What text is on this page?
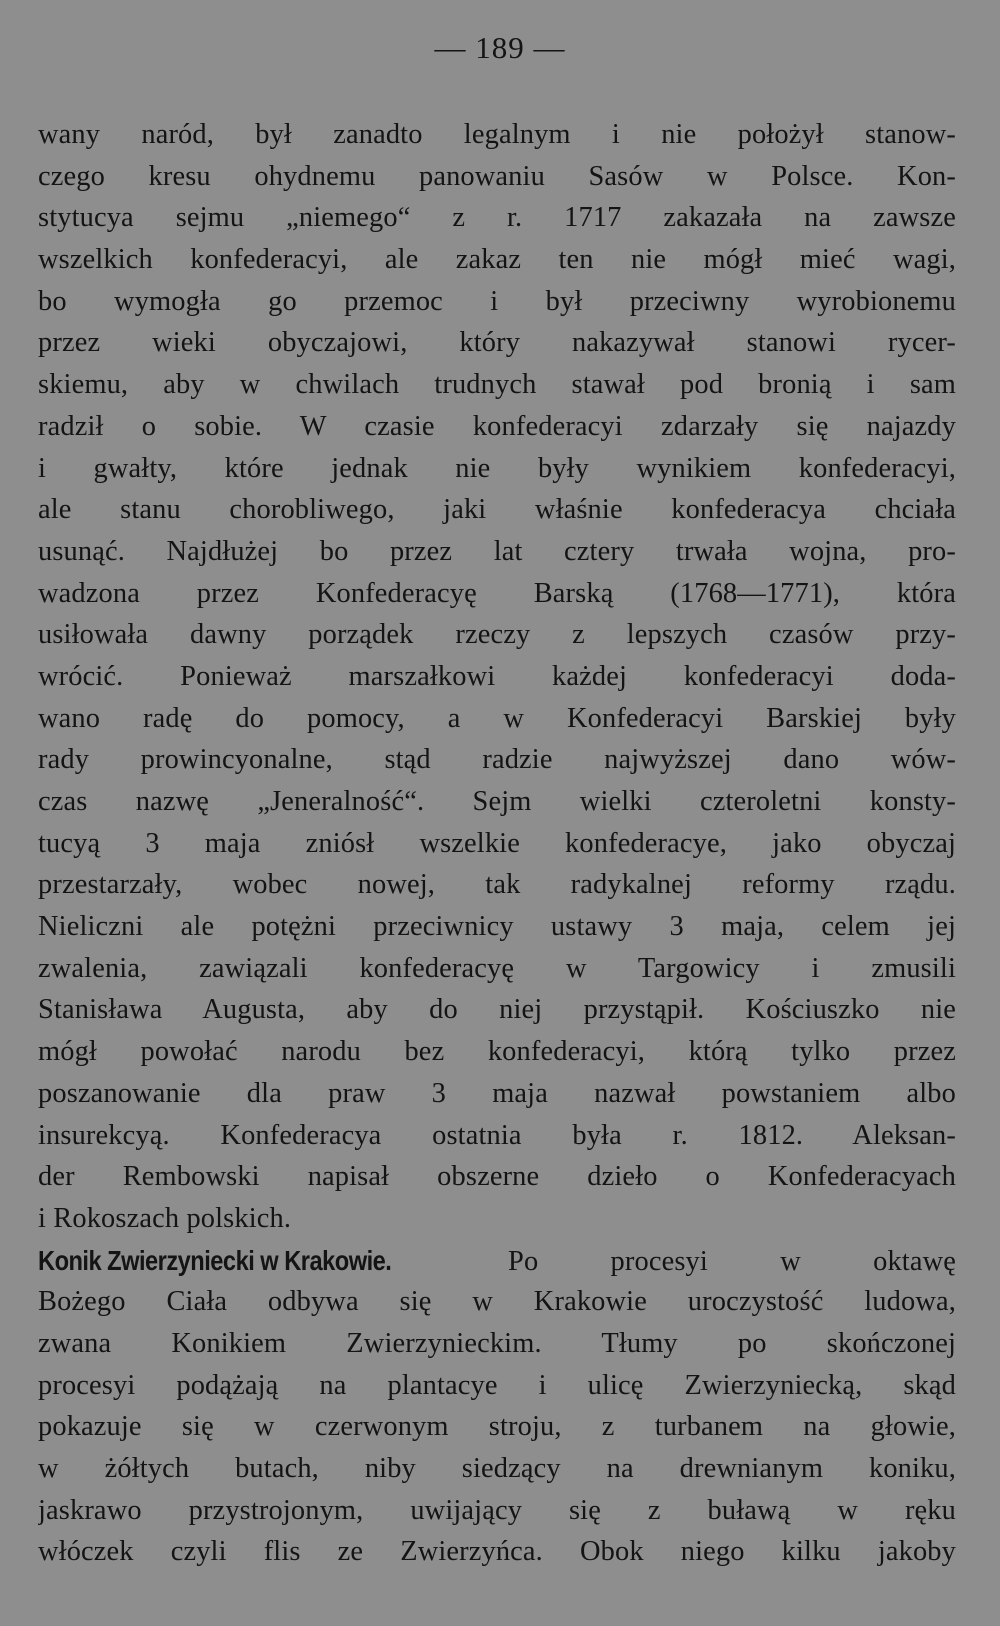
— 189 —
wany naród, był zanadto legalnym i nie położył stanow-
czego kresu ohydnemu panowaniu Sasów w Polsce. Kon-
stytucya sejmu „niemego“ z r. 1717 zakazała na zawsze
wszelkich konfederacyi, ale zakaz ten nie mógł mieć wagi,
bo wymogła go przemoc i był przeciwny wyrobionemu
przez wieki obyczajowi, który nakazywał stanowi rycer-
skiemu, aby w chwilach trudnych stawał pod bronią i sam
radził o sobie. W czasie konfederacyi zdarzały się najazdy
i gwałty, które jednak nie były wynikiem konfederacyi,
ale stanu chorobliwego, jaki właśnie konfederacya chciała
usunąć. Najdłużej bo przez lat cztery trwała wojna, pro-
wadzona przez Konfederacyę Barską (1768—1771), która
usiłowała dawny porządek rzeczy z lepszych czasów przy-
wrócić. Ponieważ marszałkowi każdej konfederacyi doda-
wano radę do pomocy, a w Konfederacyi Barskiej były
rady prowincyonalne, stąd radzie najwyższej dano wów-
czas nazwę „Jeneralność“. Sejm wielki czteroletni konsty-
tucyą 3 maja zniósł wszelkie konfederacye, jako obyczaj
przestarzały, wobec nowej, tak radykalnej reformy rządu.
Nieliczni ale potężni przeciwnicy ustawy 3 maja, celem jej
zwalenia, zawiązali konfederacyę w Targowicy i zmusili
Stanisława Augusta, aby do niej przystąpił. Kościuszko nie
mógł powołać narodu bez konfederacyi, którą tylko przez
poszanowanie dla praw 3 maja nazwał powstaniem albo
insurekcyą. Konfederacya ostatnia była r. 1812. Aleksan-
der Rembowski napisał obszerne dzieło o Konfederacyach
i Rokoszach polskich.
Konik Zwierzyniecki w Krakowie.	Po procesyi w oktawę
Bożego Ciała odbywa się w Krakowie uroczystość ludowa,
zwana Konikiem Zwierzynieckim. Tłumy po skończonej
procesyi podążają na plantacye i ulicę Zwierzyniecką, skąd
pokazuje się w czerwonym stroju, z turbanem na głowie,
w żółtych butach, niby siedzący na drewnianym koniku,
jaskrawo przystrojonym, uwijający się z buławą w ręku
włóczek czyli flis ze Zwierzyńca. Obok niego kilku jakoby
